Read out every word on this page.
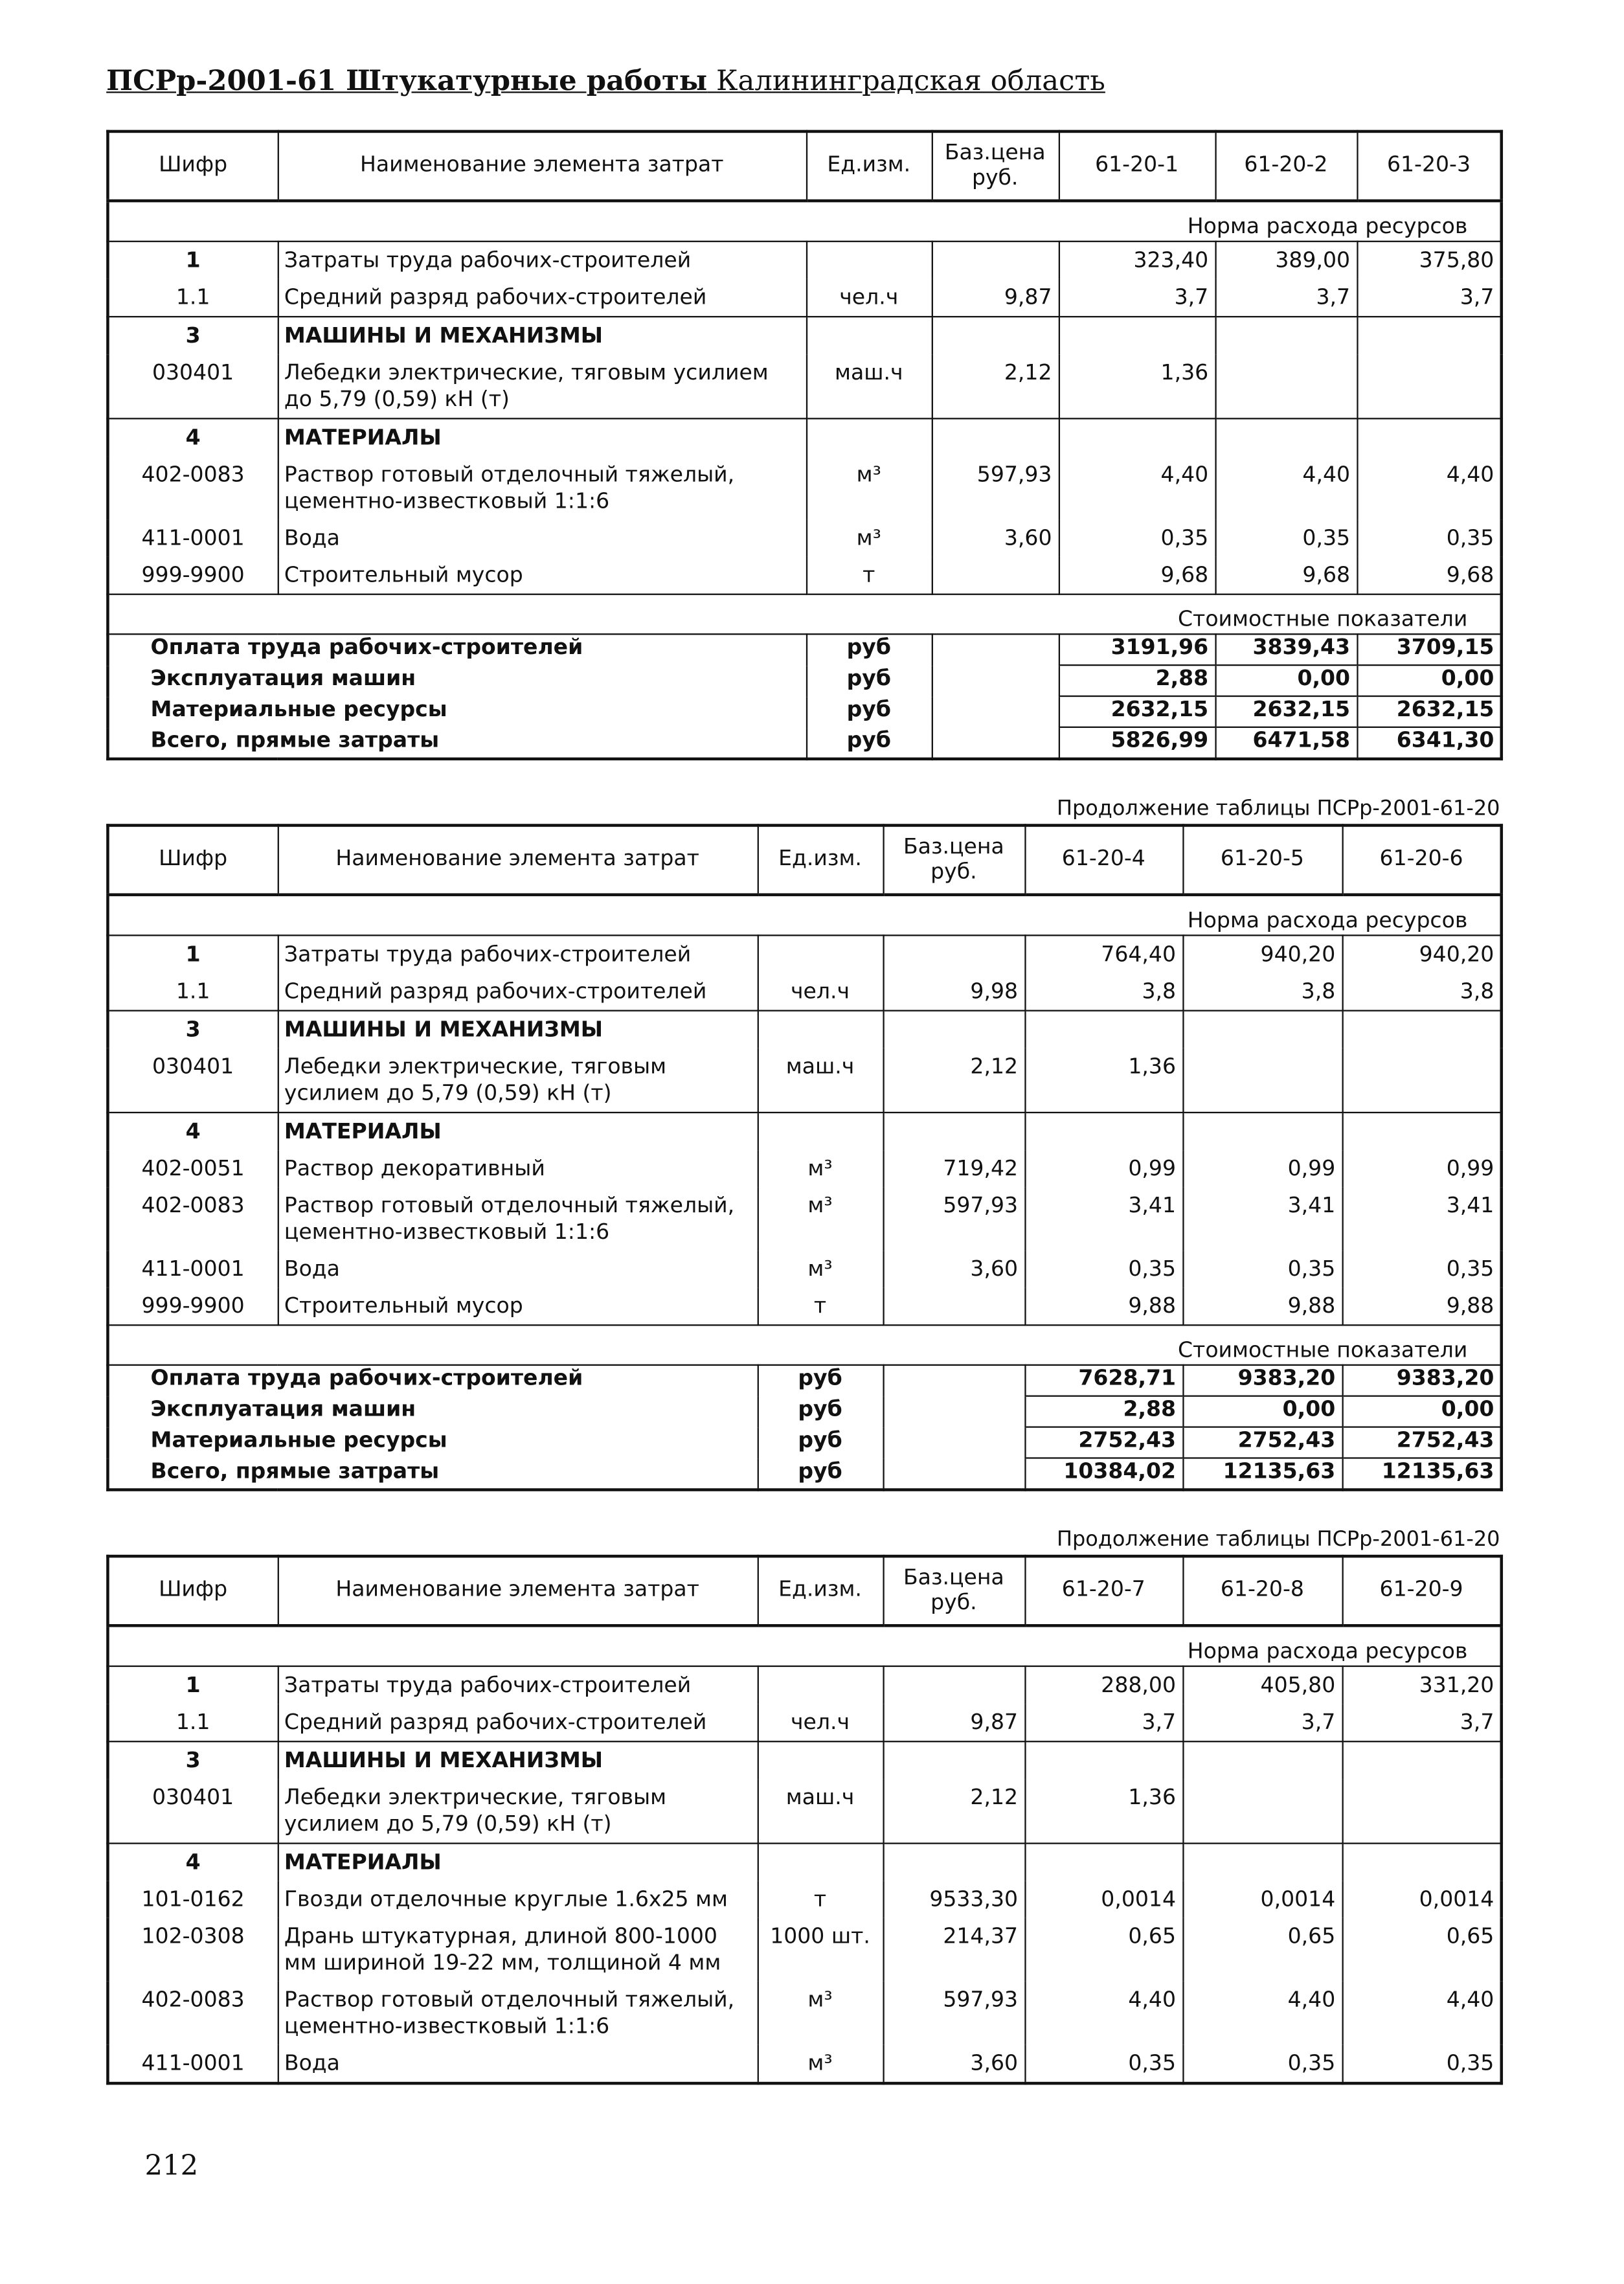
ПСРр-2001-61 Штукатурные работы Калининградская область
Продолжение таблицы ПСРр-2001-61-20
Продолжение таблицы ПСРр-2001-61-20
Шифр	Наименование элемента затрат	Ед.изм.	Баз.цена руб.	61-20-1	61-20-2	61-20-3
Норма расхода ресурсов						
1	Затраты труда рабочих-строителей			323,40	389,00	375,80
1.1	Средний разряд рабочих-строителей	чел.ч	9,87	3,7	3,7	3,7
3	МАШИНЫ И МЕХАНИЗМЫ					
030401	Лебедки электрические, тяговым усилием до 5,79 (0,59) кН (т)	маш.ч	2,12	1,36		
4	МАТЕРИАЛЫ					
402-0083	Раствор готовый отделочный тяжелый, цементно-известковый 1:1:6	м³	597,93	4,40	4,40	4,40
411-0001	Вода	м³	3,60	0,35	0,35	0,35
999-9900	Строительный мусор	т		9,68	9,68	9,68
Стоимостные показатели						
Оплата труда рабочих-строителей		руб		3191,96	3839,43	3709,15
Эксплуатация машин		руб		2,88	0,00	0,00
Материальные ресурсы		руб		2632,15	2632,15	2632,15
Всего, прямые затраты		руб		5826,99	6471,58	6341,30
Шифр	Наименование элемента затрат	Ед.изм.	Баз.цена руб.	61-20-4	61-20-5	61-20-6
Норма расхода ресурсов						
1	Затраты труда рабочих-строителей			764,40	940,20	940,20
1.1	Средний разряд рабочих-строителей	чел.ч	9,98	3,8	3,8	3,8
3	МАШИНЫ И МЕХАНИЗМЫ					
030401	Лебедки электрические, тяговым усилием до 5,79 (0,59) кН (т)	маш.ч	2,12	1,36		
4	МАТЕРИАЛЫ					
402-0051	Раствор декоративный	м³	719,42	0,99	0,99	0,99
402-0083	Раствор готовый отделочный тяжелый, цементно-известковый 1:1:6	м³	597,93	3,41	3,41	3,41
411-0001	Вода	м³	3,60	0,35	0,35	0,35
999-9900	Строительный мусор	т		9,88	9,88	9,88
Стоимостные показатели						
Оплата труда рабочих-строителей		руб		7628,71	9383,20	9383,20
Эксплуатация машин		руб		2,88	0,00	0,00
Материальные ресурсы		руб		2752,43	2752,43	2752,43
Всего, прямые затраты		руб		10384,02	12135,63	12135,63
Шифр	Наименование элемента затрат	Ед.изм.	Баз.цена руб.	61-20-7	61-20-8	61-20-9
Норма расхода ресурсов						
1	Затраты труда рабочих-строителей			288,00	405,80	331,20
1.1	Средний разряд рабочих-строителей	чел.ч	9,87	3,7	3,7	3,7
3	МАШИНЫ И МЕХАНИЗМЫ					
030401	Лебедки электрические, тяговым усилием до 5,79 (0,59) кН (т)	маш.ч	2,12	1,36		
4	МАТЕРИАЛЫ					
101-0162	Гвозди отделочные круглые 1.6x25 мм	т	9533,30	0,0014	0,0014	0,0014
102-0308	Дрань штукатурная, длиной 800-1000 мм шириной 19-22 мм, толщиной 4 мм	1000 шт.	214,37	0,65	0,65	0,65
402-0083	Раствор готовый отделочный тяжелый, цементно-известковый 1:1:6	м³	597,93	4,40	4,40	4,40
411-0001	Вода	м³	3,60	0,35	0,35	0,35
212
